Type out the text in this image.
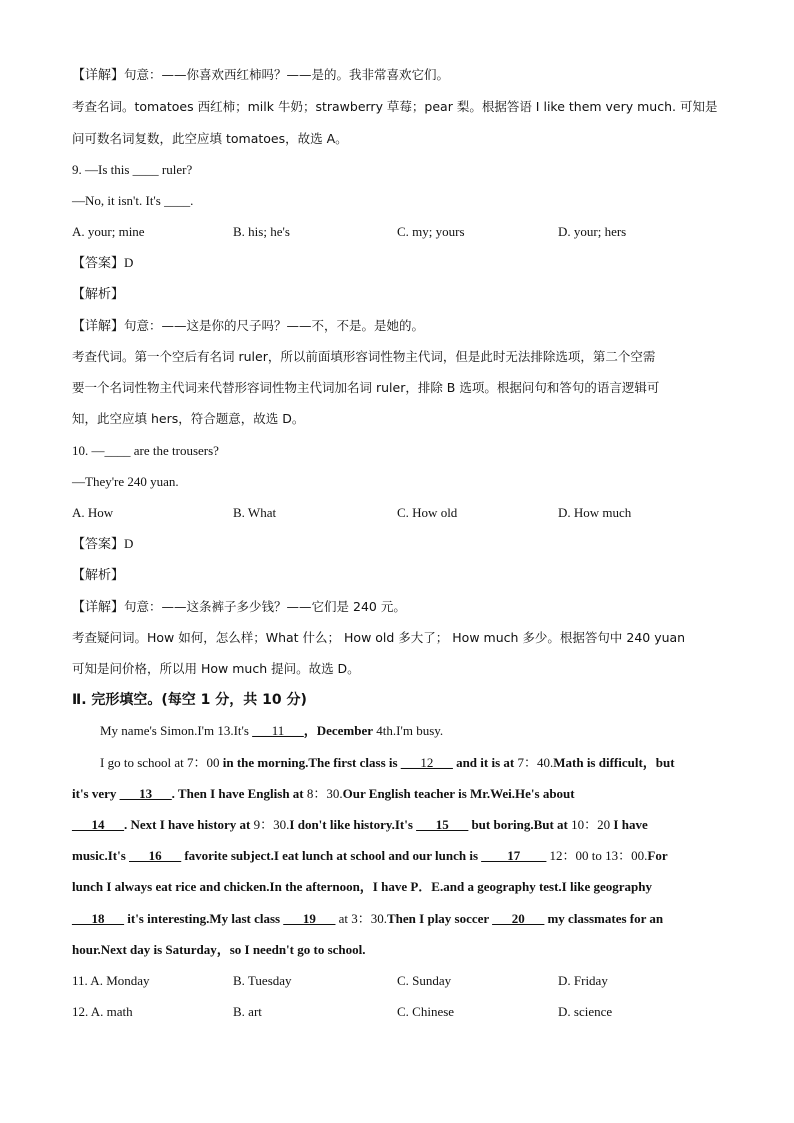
【详解】句意：——你喜欢西红柿吗？——是的。我非常喜欢它们。
考查名词。tomatoes 西红柿；milk 牛奶；strawberry 草莓；pear 梨。根据答语 I like them very much. 可知是
问可数名词复数，此空应填 tomatoes，故选 A。
9. —Is this ____ ruler?
—No, it isn't. It's ____.
A. your; mine	B. his; he's	C. my; yours	D. your; hers
【答案】D
【解析】
【详解】句意：——这是你的尺子吗？——不，不是。是她的。
考查代词。第一个空后有名词 ruler，所以前面填形容词性物主代词，但是此时无法排除选项，第二个空需
要一个名词性物主代词来代替形容词性物主代词加名词 ruler，排除 B 选项。根据问句和答句的语言逻辑可
知，此空应填 hers，符合题意，故选 D。
10. —____ are the trousers?
—They're 240 yuan.
A. How	B. What	C. How old	D. How much
【答案】D
【解析】
【详解】句意：——这条裤子多少钱？——它们是 240 元。
考查疑问词。How 如何，怎么样；What 什么； How old 多大了； How much 多少。根据答句中 240 yuan
可知是问价格，所以用 How much 提问。故选 D。
Ⅱ. 完形填空。(每空 1 分，共 10 分)
My name's Simon.I'm 13.It's ___11___，December 4th.I'm busy.
I go to school at 7：00 in the morning.The first class is ___12___ and it is at 7：40.Math is difficult，but
it's very ___13___. Then I have English at 8：30.Our English teacher is Mr.Wei.He's about
___14___. Next I have history at 9：30.I don't like history.It's ___15___ but boring.But at 10：20 I have
music.It's ___16___ favorite subject.I eat lunch at school and our lunch is ____17____ 12：00 to 13：00.For
lunch I always eat rice and chicken.In the afternoon，I have P．E.and a geography test.I like geography
___18___ it's interesting.My last class ___19___ at 3：30.Then I play soccer ___20___ my classmates for an
hour.Next day is Saturday，so I needn't go to school.
11. A. Monday	B. Tuesday	C. Sunday	D. Friday
12. A. math	B. art	C. Chinese	D. science
